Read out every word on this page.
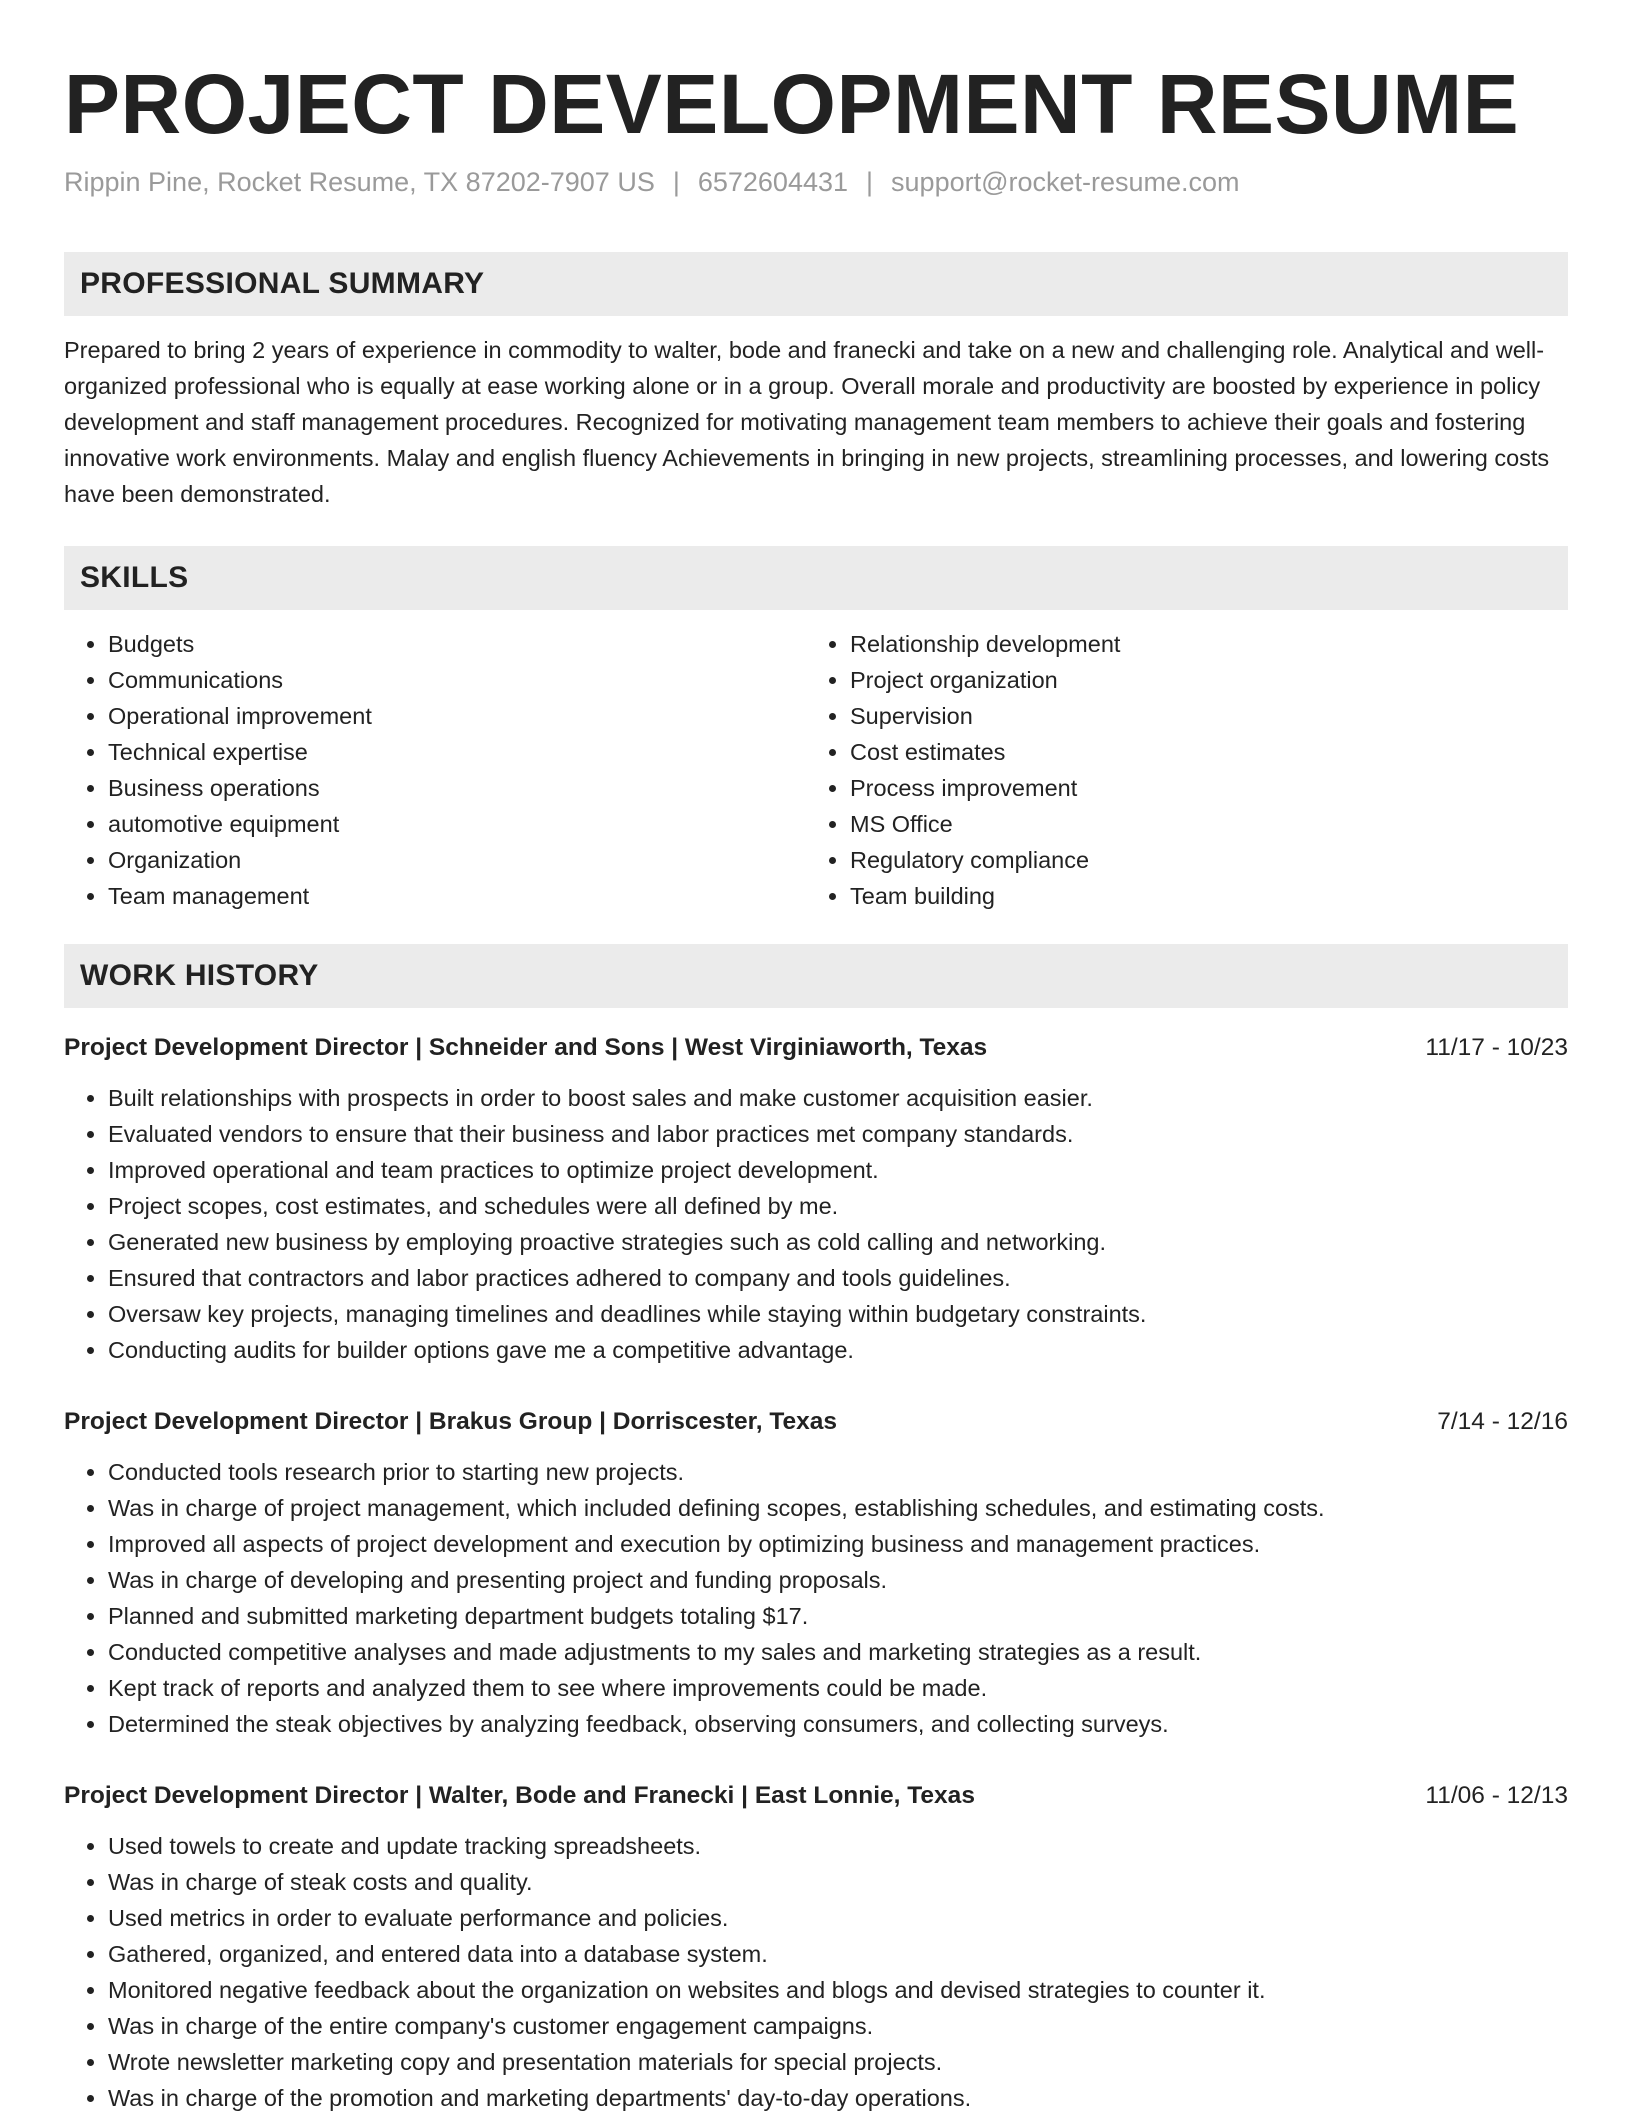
PROJECT DEVELOPMENT RESUME
Rippin Pine, Rocket Resume, TX 87202-7907 US | 6572604431 | support@rocket-resume.com
PROFESSIONAL SUMMARY

Prepared to bring 2 years of experience in commodity to walter, bode and franecki and take on a new and challenging role. Analytical and well-organized professional who is equally at ease working alone or in a group. Overall morale and productivity are boosted by experience in policy development and staff management procedures. Recognized for motivating management team members to achieve their goals and fostering innovative work environments. Malay and english fluency Achievements in bringing in new projects, streamlining processes, and lowering costs have been demonstrated.

SKILLS
• Budgets
• Communications
• Operational improvement
• Technical expertise
• Business operations
• automotive equipment
• Organization
• Team management
• Relationship development
• Project organization
• Supervision
• Cost estimates
• Process improvement
• MS Office
• Regulatory compliance
• Team building
WORK HISTORY
Project Development Director | Schneider and Sons | West Virginiaworth, Texas	11/17 - 10/23
• Built relationships with prospects in order to boost sales and make customer acquisition easier.
• Evaluated vendors to ensure that their business and labor practices met company standards.
• Improved operational and team practices to optimize project development.
• Project scopes, cost estimates, and schedules were all defined by me.
• Generated new business by employing proactive strategies such as cold calling and networking.
• Ensured that contractors and labor practices adhered to company and tools guidelines.
• Oversaw key projects, managing timelines and deadlines while staying within budgetary constraints.
• Conducting audits for builder options gave me a competitive advantage.
Project Development Director | Brakus Group | Dorriscester, Texas	7/14 - 12/16
• Conducted tools research prior to starting new projects.
• Was in charge of project management, which included defining scopes, establishing schedules, and estimating costs.
• Improved all aspects of project development and execution by optimizing business and management practices.
• Was in charge of developing and presenting project and funding proposals.
• Planned and submitted marketing department budgets totaling $17.
• Conducted competitive analyses and made adjustments to my sales and marketing strategies as a result.
• Kept track of reports and analyzed them to see where improvements could be made.
• Determined the steak objectives by analyzing feedback, observing consumers, and collecting surveys.
Project Development Director | Walter, Bode and Franecki | East Lonnie, Texas	11/06 - 12/13
• Used towels to create and update tracking spreadsheets.
• Was in charge of steak costs and quality.
• Used metrics in order to evaluate performance and policies.
• Gathered, organized, and entered data into a database system.
• Monitored negative feedback about the organization on websites and blogs and devised strategies to counter it.
• Was in charge of the entire company's customer engagement campaigns.
• Wrote newsletter marketing copy and presentation materials for special projects.
• Was in charge of the promotion and marketing departments' day-to-day operations.
